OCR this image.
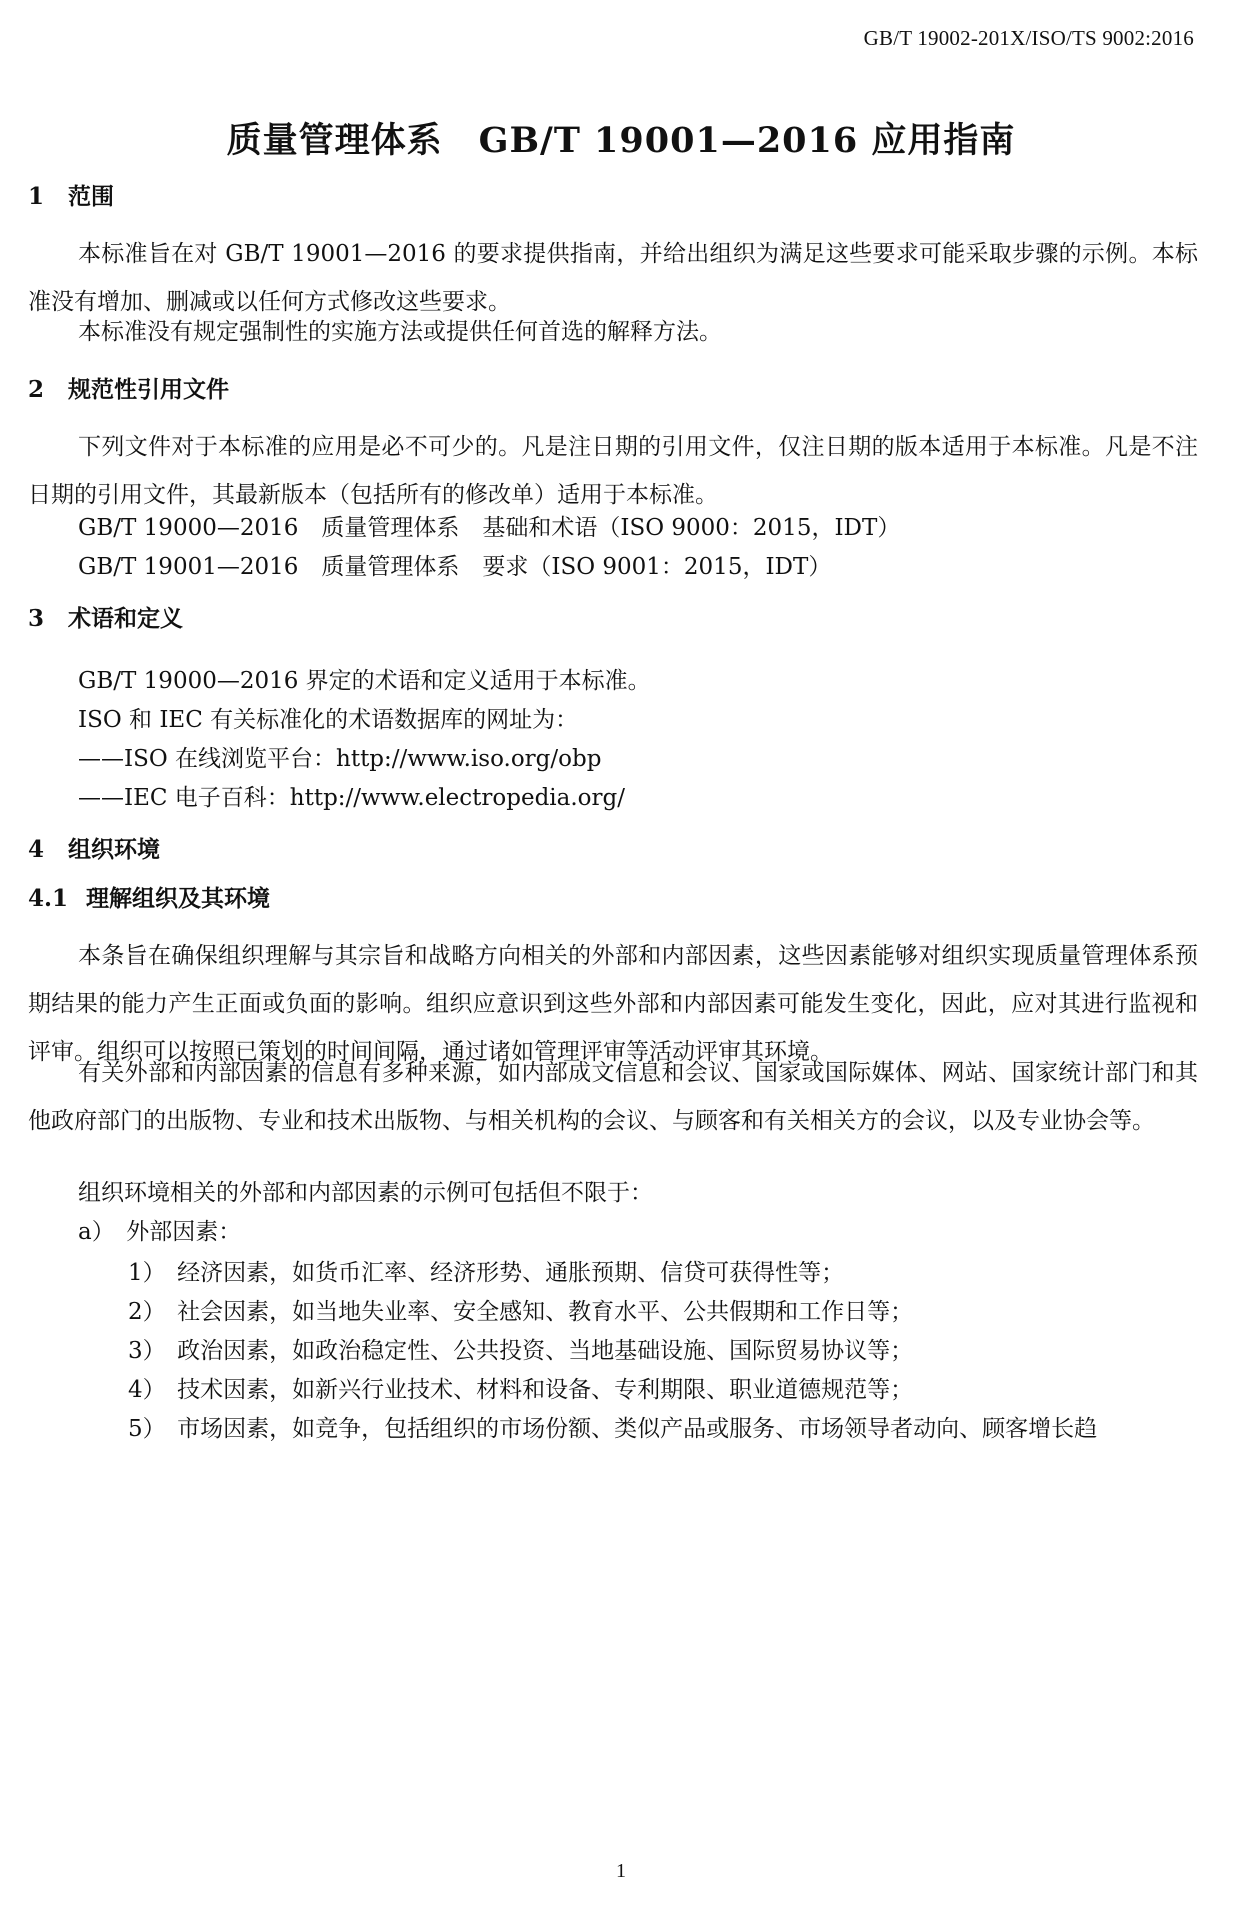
GB/T 19002-201X/ISO/TS 9002:2016
质量管理体系　GB/T 19001—2016 应用指南
1 范围
本标准旨在对 GB/T 19001—2016 的要求提供指南，并给出组织为满足这些要求可能采取步骤的示例。本标准没有增加、删减或以任何方式修改这些要求。
本标准没有规定强制性的实施方法或提供任何首选的解释方法。
2 规范性引用文件
下列文件对于本标准的应用是必不可少的。凡是注日期的引用文件，仅注日期的版本适用于本标准。凡是不注日期的引用文件，其最新版本（包括所有的修改单）适用于本标准。
GB/T 19000—2016　质量管理体系　基础和术语（ISO 9000：2015，IDT）
GB/T 19001—2016　质量管理体系　要求（ISO 9001：2015，IDT）
3 术语和定义
GB/T 19000—2016 界定的术语和定义适用于本标准。
ISO 和 IEC 有关标准化的术语数据库的网址为：
——ISO 在线浏览平台：http://www.iso.org/obp
——IEC 电子百科：http://www.electropedia.org/
4 组织环境
4.1 理解组织及其环境
本条旨在确保组织理解与其宗旨和战略方向相关的外部和内部因素，这些因素能够对组织实现质量管理体系预期结果的能力产生正面或负面的影响。组织应意识到这些外部和内部因素可能发生变化，因此，应对其进行监视和评审。组织可以按照已策划的时间间隔，通过诸如管理评审等活动评审其环境。
有关外部和内部因素的信息有多种来源，如内部成文信息和会议、国家或国际媒体、网站、国家统计部门和其他政府部门的出版物、专业和技术出版物、与相关机构的会议、与顾客和有关相关方的会议，以及专业协会等。
组织环境相关的外部和内部因素的示例可包括但不限于：
a）　外部因素：
1）　经济因素，如货币汇率、经济形势、通胀预期、信贷可获得性等；
2）　社会因素，如当地失业率、安全感知、教育水平、公共假期和工作日等；
3）　政治因素，如政治稳定性、公共投资、当地基础设施、国际贸易协议等；
4）　技术因素，如新兴行业技术、材料和设备、专利期限、职业道德规范等；
5）　市场因素，如竞争，包括组织的市场份额、类似产品或服务、市场领导者动向、顾客增长趋
1
